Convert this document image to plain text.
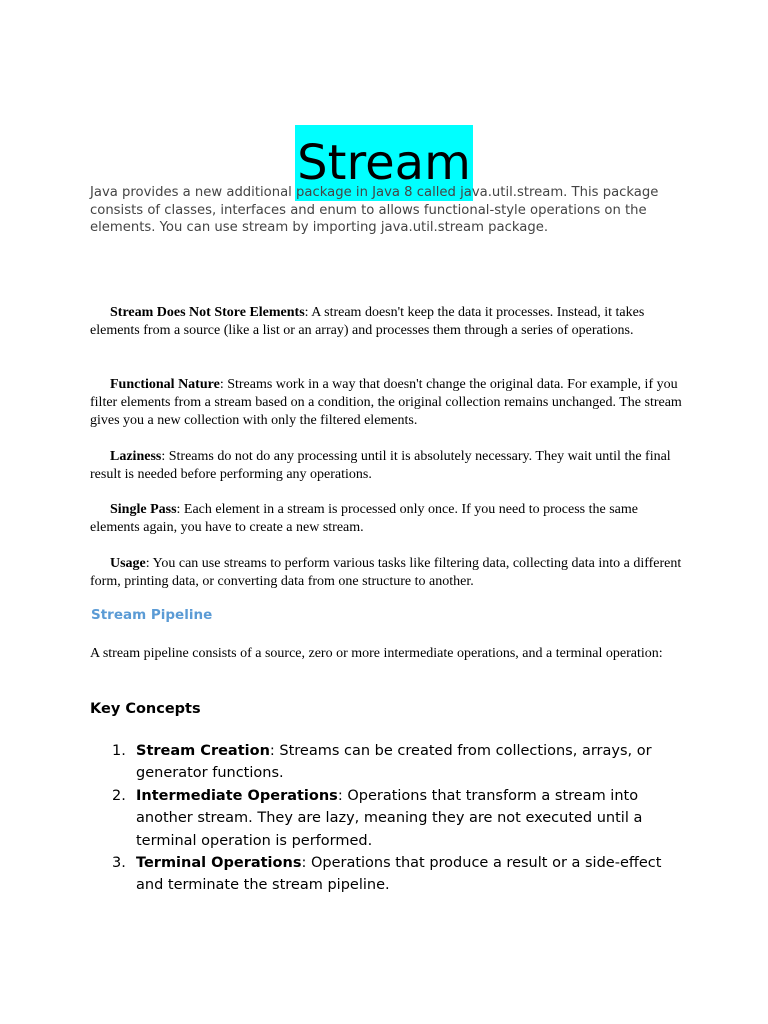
Stream

Java provides a new additional package in Java 8 called java.util.stream. This package consists of classes, interfaces and enum to allows functional-style operations on the elements. You can use stream by importing java.util.stream package.

Stream Does Not Store Elements: A stream doesn't keep the data it processes. Instead, it takes elements from a source (like a list or an array) and processes them through a series of operations.

Functional Nature: Streams work in a way that doesn't change the original data. For example, if you filter elements from a stream based on a condition, the original collection remains unchanged. The stream gives you a new collection with only the filtered elements.

Laziness: Streams do not do any processing until it is absolutely necessary. They wait until the final result is needed before performing any operations.

Single Pass: Each element in a stream is processed only once. If you need to process the same elements again, you have to create a new stream.

Usage: You can use streams to perform various tasks like filtering data, collecting data into a different form, printing data, or converting data from one structure to another.

Stream Pipeline

A stream pipeline consists of a source, zero or more intermediate operations, and a terminal operation:

Key Concepts
1. Stream Creation: Streams can be created from collections, arrays, or generator functions.
2. Intermediate Operations: Operations that transform a stream into another stream. They are lazy, meaning they are not executed until a terminal operation is performed.
3. Terminal Operations: Operations that produce a result or a side-effect and terminate the stream pipeline.
